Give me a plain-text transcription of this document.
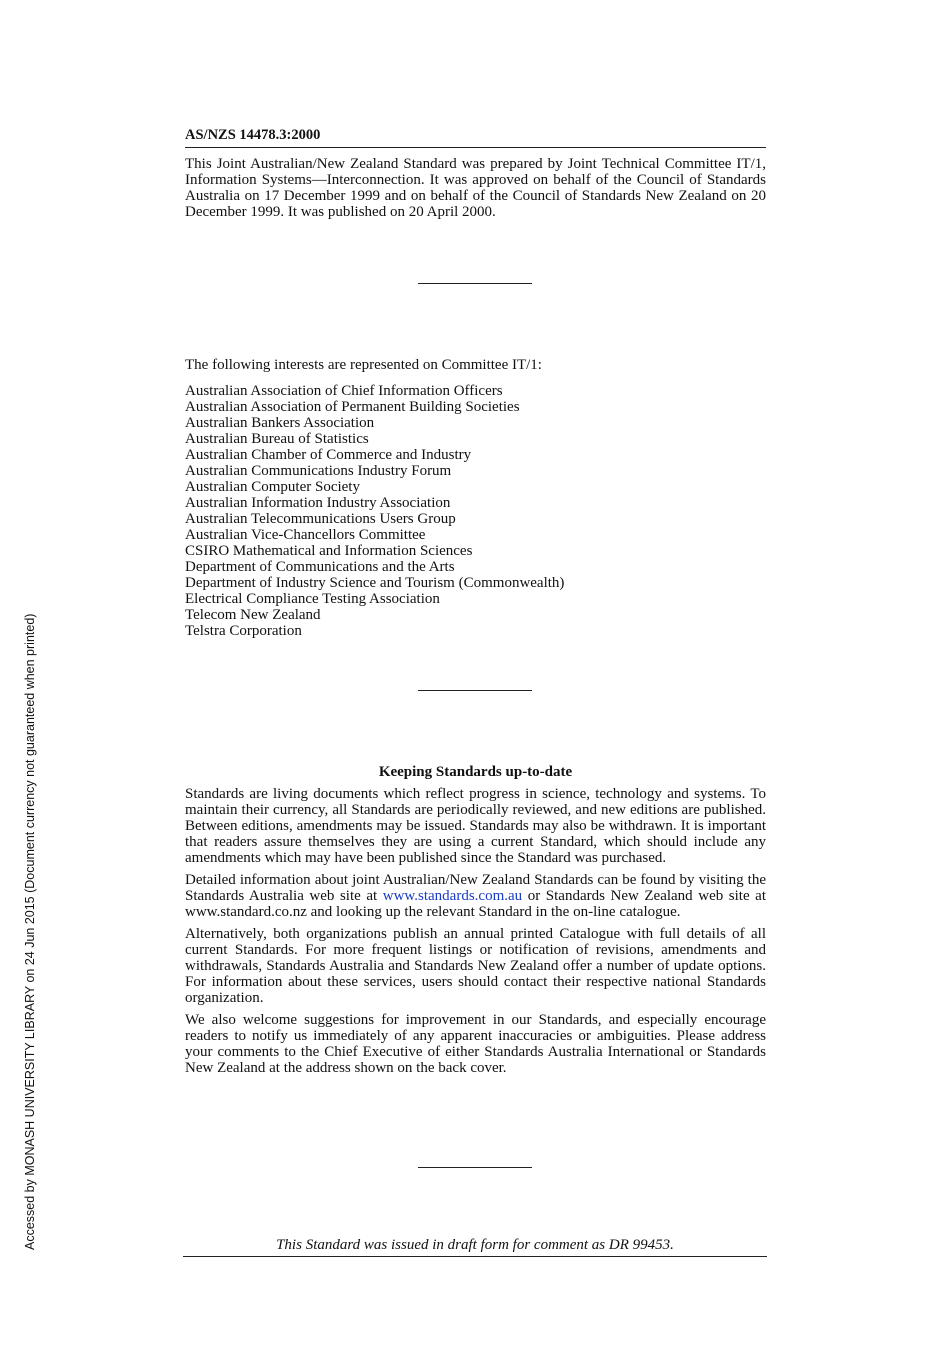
AS/NZS 14478.3:2000

This Joint Australian/New Zealand Standard was prepared by Joint Technical Committee IT/1, Information Systems—Interconnection. It was approved on behalf of the Council of Standards Australia on 17 December 1999 and on behalf of the Council of Standards New Zealand on 20 December 1999. It was published on 20 April 2000.

The following interests are represented on Committee IT/1:

Australian Association of Chief Information Officers
Australian Association of Permanent Building Societies
Australian Bankers Association
Australian Bureau of Statistics
Australian Chamber of Commerce and Industry
Australian Communications Industry Forum
Australian Computer Society
Australian Information Industry Association
Australian Telecommunications Users Group
Australian Vice-Chancellors Committee
CSIRO Mathematical and Information Sciences
Department of Communications and the Arts
Department of Industry Science and Tourism (Commonwealth)
Electrical Compliance Testing Association
Telecom New Zealand
Telstra Corporation

Keeping Standards up-to-date

Standards are living documents which reflect progress in science, technology and systems. To maintain their currency, all Standards are periodically reviewed, and new editions are published. Between editions, amendments may be issued. Standards may also be withdrawn. It is important that readers assure themselves they are using a current Standard, which should include any amendments which may have been published since the Standard was purchased.

Detailed information about joint Australian/New Zealand Standards can be found by visiting the Standards Australia web site at www.standards.com.au or Standards New Zealand web site at www.standard.co.nz and looking up the relevant Standard in the on-line catalogue.

Alternatively, both organizations publish an annual printed Catalogue with full details of all current Standards. For more frequent listings or notification of revisions, amendments and withdrawals, Standards Australia and Standards New Zealand offer a number of update options. For information about these services, users should contact their respective national Standards organization.

We also welcome suggestions for improvement in our Standards, and especially encourage readers to notify us immediately of any apparent inaccuracies or ambiguities. Please address your comments to the Chief Executive of either Standards Australia International or Standards New Zealand at the address shown on the back cover.

This Standard was issued in draft form for comment as DR 99453.
Accessed by MONASH UNIVERSITY LIBRARY on 24 Jun 2015 (Document currency not guaranteed when printed)
